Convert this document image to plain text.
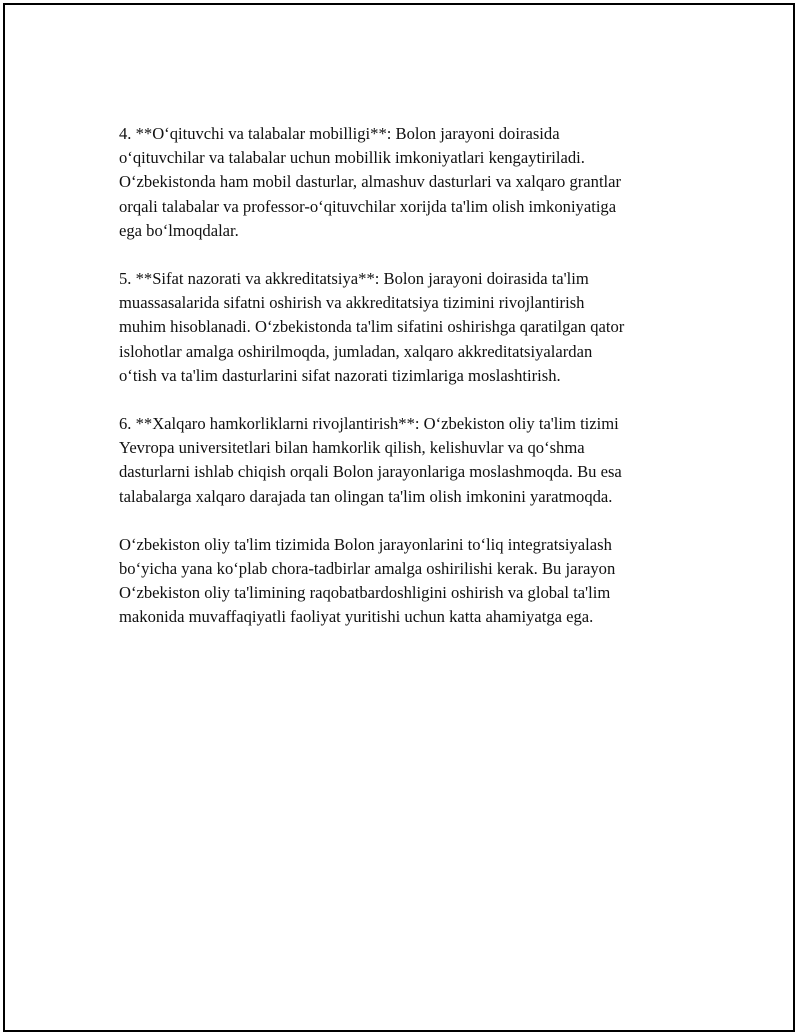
4. **O‘qituvchi va talabalar mobilligi**: Bolon jarayoni doirasida
o‘qituvchilar va talabalar uchun mobillik imkoniyatlari kengaytiriladi.
O‘zbekistonda ham mobil dasturlar, almashuv dasturlari va xalqaro grantlar
orqali talabalar va professor-o‘qituvchilar xorijda ta'lim olish imkoniyatiga
ega bo‘lmoqdalar.

5. **Sifat nazorati va akkreditatsiya**: Bolon jarayoni doirasida ta'lim
muassasalarida sifatni oshirish va akkreditatsiya tizimini rivojlantirish
muhim hisoblanadi. O‘zbekistonda ta'lim sifatini oshirishga qaratilgan qator
islohotlar amalga oshirilmoqda, jumladan, xalqaro akkreditatsiyalardan
o‘tish va ta'lim dasturlarini sifat nazorati tizimlariga moslashtirish.

6. **Xalqaro hamkorliklarni rivojlantirish**: O‘zbekiston oliy ta'lim tizimi
Yevropa universitetlari bilan hamkorlik qilish, kelishuvlar va qo‘shma
dasturlarni ishlab chiqish orqali Bolon jarayonlariga moslashmoqda. Bu esa
talabalarga xalqaro darajada tan olingan ta'lim olish imkonini yaratmoqda.

O‘zbekiston oliy ta'lim tizimida Bolon jarayonlarini to‘liq integratsiyalash
bo‘yicha yana ko‘plab chora-tadbirlar amalga oshirilishi kerak. Bu jarayon
O‘zbekiston oliy ta'limining raqobatbardoshligini oshirish va global ta'lim
makonida muvaffaqiyatli faoliyat yuritishi uchun katta ahamiyatga ega.
